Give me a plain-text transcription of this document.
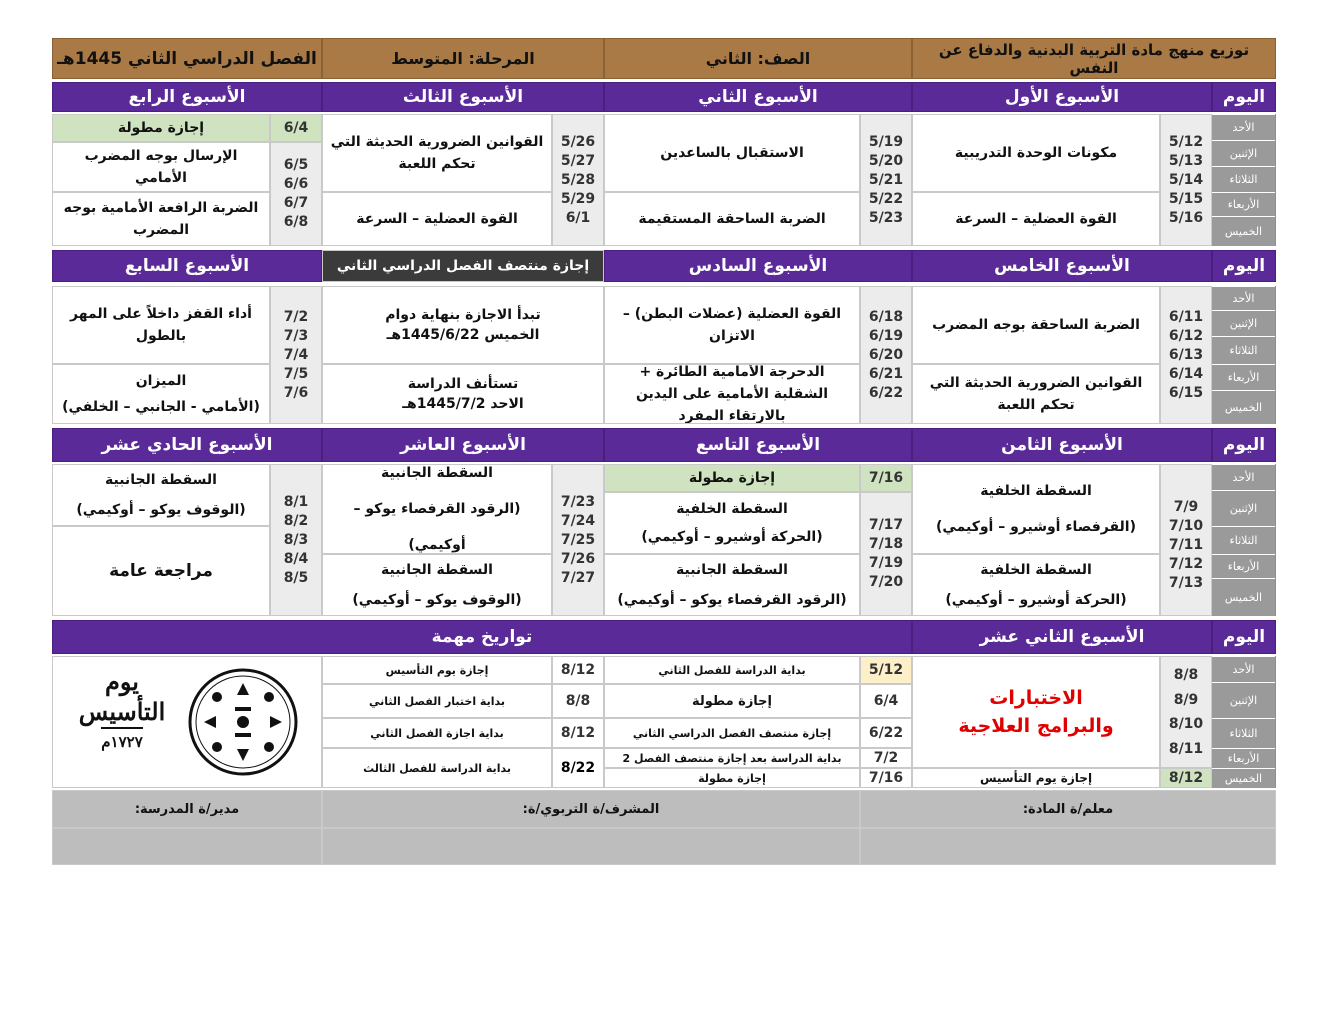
توزيع منهج مادة التربية البدنية والدفاع عن النفس
الصف: الثاني
المرحلة: المتوسط
الفصل الدراسي الثاني 1445هـ
اليوم
الأسبوع الأول
الأسبوع الثاني
الأسبوع الثالث
الأسبوع الرابع
الأحد
الإثنين
الثلاثاء
الأربعاء
الخميس
5/12
5/13
5/14
5/15
5/16
مكونات الوحدة التدريبية
القوة العضلية – السرعة
5/19
5/20
5/21
5/22
5/23
الاستقبال بالساعدين
الضربة الساحقة المستقيمة
5/26
5/27
5/28
5/29
6/1
القوانين الضرورية الحديثة التي تحكم اللعبة
القوة العضلية – السرعة
6/4
إجازة مطولة
6/5
6/6
6/7
6/8
الإرسال بوجه المضرب الأمامي
الضربة الرافعة الأمامية بوجه المضرب
اليوم
الأسبوع الخامس
الأسبوع السادس
إجازة منتصف الفصل الدراسي الثاني
الأسبوع السابع
الأحد
الإثنين
الثلاثاء
الأربعاء
الخميس
6/11
6/12
6/13
6/14
6/15
الضربة الساحقة بوجه المضرب
القوانين الضرورية الحديثة التي تحكم اللعبة
6/18
6/19
6/20
6/21
6/22
القوة العضلية (عضلات البطن) – الاتزان
الدحرجة الأمامية الطائرة + الشقلبة الأمامية على اليدين بالارتقاء المفرد
تبدأ الاجازة بنهاية دوام
الخميس 1445/6/22هـ
تستأنف الدراسة
الاحد 1445/7/2هـ
7/2
7/3
7/4
7/5
7/6
أداء القفز داخلاً على المهر بالطول
الميزان
(الأمامي - الجانبي – الخلفي)
اليوم
الأسبوع الثامن
الأسبوع التاسع
الأسبوع العاشر
الأسبوع الحادي عشر
الأحد
الإثنين
الثلاثاء
الأربعاء
الخميس
7/9
7/10
7/11
7/12
7/13
السقطة الخلفية
(القرفصاء أوشيرو – أوكيمي)
السقطة الخلفية
(الحركة أوشيرو – أوكيمي)
7/16
إجازة مطولة
7/17
7/18
7/19
7/20
السقطة الخلفية
(الحركة أوشيرو – أوكيمي)
السقطة الجانبية
(الرقود القرفصاء يوكو – أوكيمي)
7/23
7/24
7/25
7/26
7/27
السقطة الجانبية
(الرقود القرفصاء يوكو – أوكيمي)
السقطة الجانبية
(الوقوف يوكو – أوكيمي)
8/1
8/2
8/3
8/4
8/5
السقطة الجانبية
(الوقوف يوكو – أوكيمي)
مراجعة عامة
اليوم
الأسبوع الثاني عشر
تواريخ مهمة
الأحد
الإثنين
الثلاثاء
الأربعاء
الخميس
8/8
8/9
8/10
8/11
8/12
الاختبارات
والبرامج العلاجية
إجازة يوم التأسيس
5/12
بداية الدراسة للفصل الثاني
6/4
إجازة مطولة
6/22
إجازة منتصف الفصل الدراسي الثاني
7/2
بداية الدراسة بعد إجازة منتصف الفصل 2
7/16
إجازة مطولة
8/12
إجازة يوم التأسيس
8/8
بداية اختبار الفصل الثاني
8/12
بداية اجازة الفصل الثاني
8/22
بداية الدراسة للفصل الثالث
يوم
التأسيس
١٧٢٧م
معلم/ة المادة:
المشرف/ة التربوي/ة:
مدير/ة المدرسة:
